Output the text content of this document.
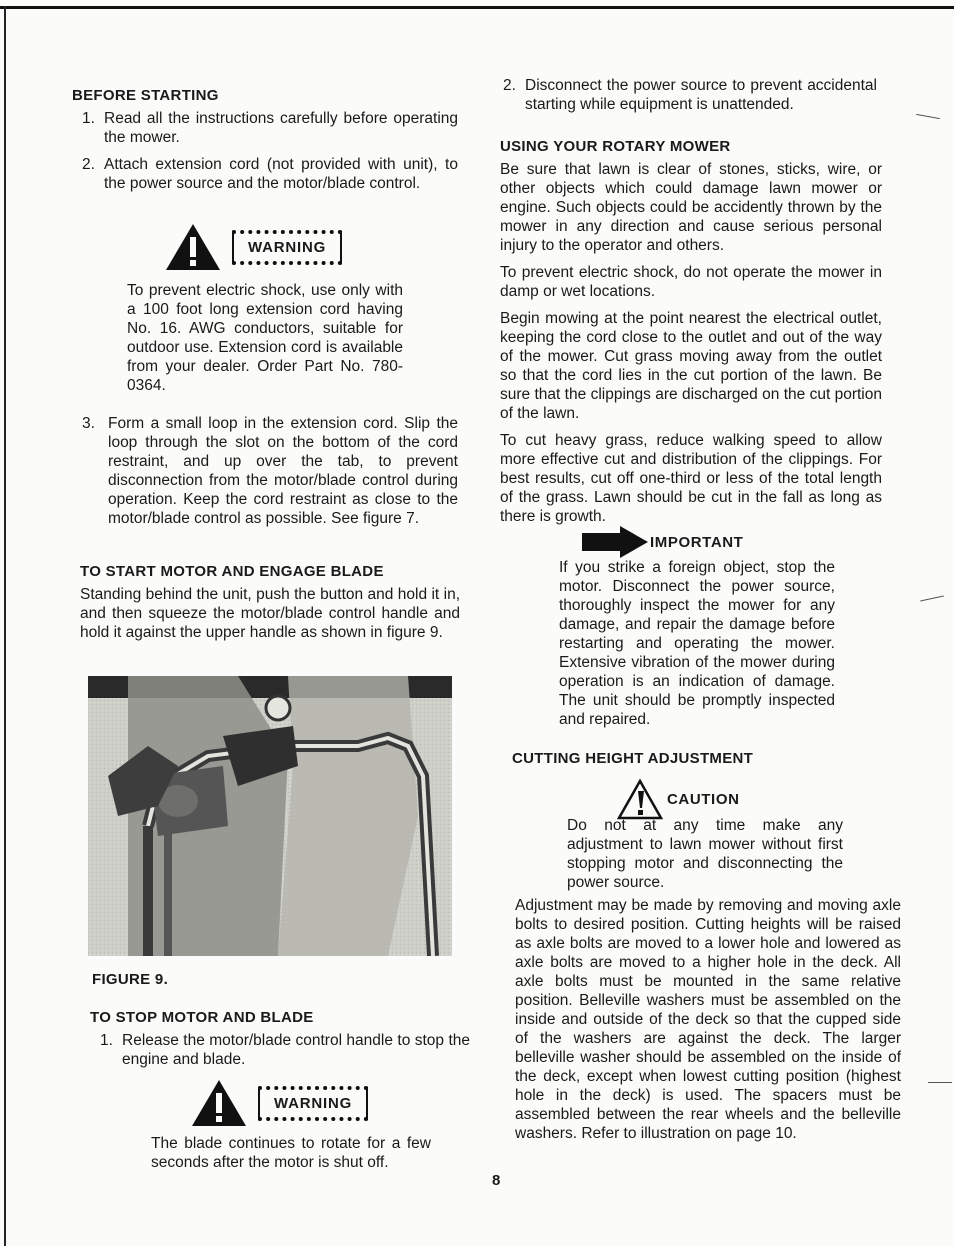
BEFORE STARTING
1. Read all the instructions carefully before operating the mower.
2. Attach extension cord (not provided with unit), to the power source and the motor/blade control.
WARNING
To prevent electric shock, use only with a 100 foot long extension cord having No. 16. AWG conductors, suitable for outdoor use. Extension cord is available from your dealer. Order Part No. 780-0364.
3. Form a small loop in the extension cord. Slip the loop through the slot on the bottom of the cord restraint, and up over the tab, to prevent disconnection from the motor/blade control during operation. Keep the cord restraint as close to the motor/blade control as possible. See figure 7.
TO START MOTOR AND ENGAGE BLADE

Standing behind the unit, push the button and hold it in, and then squeeze the motor/blade control handle and hold it against the upper handle as shown in figure 9.

FIGURE 9.
TO STOP MOTOR AND BLADE
1. Release the motor/blade control handle to stop the engine and blade.
WARNING
The blade continues to rotate for a few seconds after the motor is shut off.
2. Disconnect the power source to prevent accidental starting while equipment is unattended.
USING YOUR ROTARY MOWER

Be sure that lawn is clear of stones, sticks, wire, or other objects which could damage lawn mower or engine. Such objects could be accidently thrown by the mower in any direction and cause serious personal injury to the operator and others.

To prevent electric shock, do not operate the mower in damp or wet locations.

Begin mowing at the point nearest the electrical outlet, keeping the cord close to the outlet and out of the way of the mower. Cut grass moving away from the outlet so that the cord lies in the cut portion of the lawn. Be sure that the clippings are discharged on the cut portion of the lawn.

To cut heavy grass, reduce walking speed to allow more effective cut and distribution of the clippings. For best results, cut off one-third or less of the total length of the grass. Lawn should be cut in the fall as long as there is growth.

IMPORTANT
If you strike a foreign object, stop the motor. Disconnect the power source, thoroughly inspect the mower for any damage, and repair the damage before restarting and operating the mower. Extensive vibration of the mower during operation is an indication of damage. The unit should be promptly inspected and repaired.
CUTTING HEIGHT ADJUSTMENT
CAUTION
Do not at any time make any adjustment to lawn mower without first stopping motor and disconnecting the power source.

Adjustment may be made by removing and moving axle bolts to desired position. Cutting heights will be raised as axle bolts are moved to a lower hole and lowered as axle bolts are moved to a higher hole in the deck. All axle bolts must be mounted in the same relative position. Belleville washers must be assembled on the inside and outside of the deck so that the cupped side of the washers are against the deck. The larger belleville washer should be assembled on the inside of the deck, except when lowest cutting position (highest hole in the deck) is used. The spacers must be assembled between the rear wheels and the belleville washers. Refer to illustration on page 10.

8
